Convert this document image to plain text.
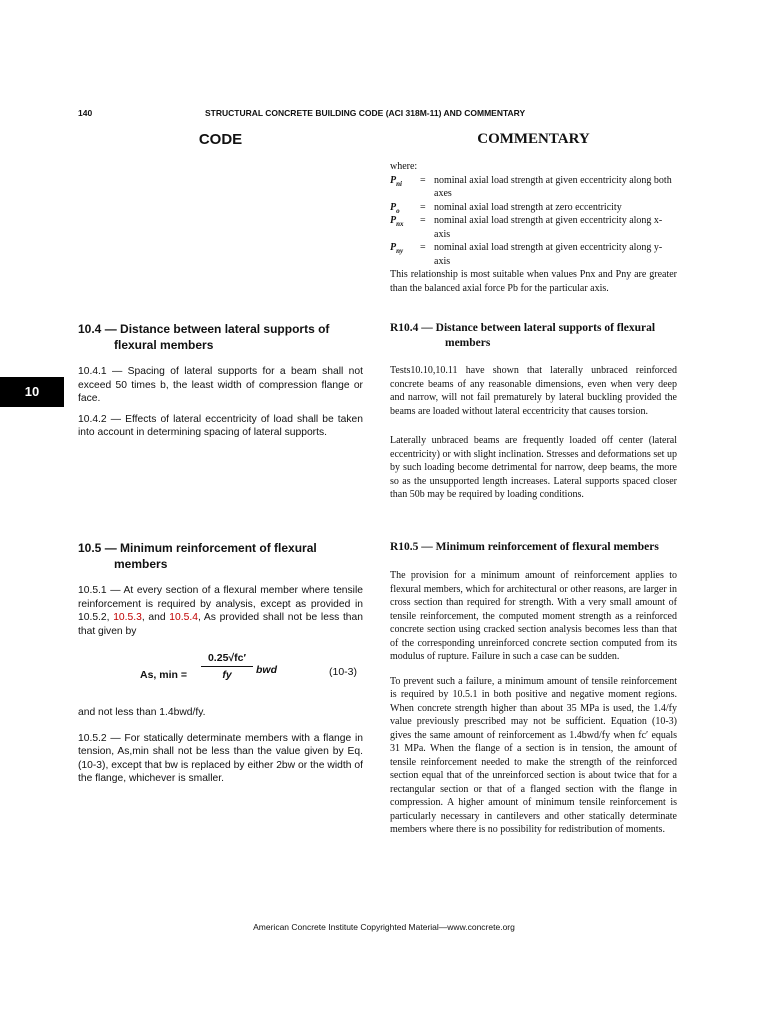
140	STRUCTURAL CONCRETE BUILDING CODE (ACI 318M-11) AND COMMENTARY
CODE	COMMENTARY
10

where:

$P_{ni}$ = nominal axial load strength at given eccentricity along both axes
$P_o$ = nominal axial load strength at zero eccentricity
$P_{nx}$ = nominal axial load strength at given eccentricity along x-axis
$P_{ny}$ = nominal axial load strength at given eccentricity along y-axis

This relationship is most suitable when values Pnx and Pny are greater than the balanced axial force Pb for the particular axis.

10.4 — Distance between lateral supports of flexural members

10.4.1 — Spacing of lateral supports for a beam shall not exceed 50 times b, the least width of compression flange or face.

10.4.2 — Effects of lateral eccentricity of load shall be taken into account in determining spacing of lateral supports.

R10.4 — Distance between lateral supports of flexural members

Tests10.10,10.11 have shown that laterally unbraced reinforced concrete beams of any reasonable dimensions, even when very deep and narrow, will not fail prematurely by lateral buckling provided the beams are loaded without lateral eccentricity that causes torsion.

Laterally unbraced beams are frequently loaded off center (lateral eccentricity) or with slight inclination. Stresses and deformations set up by such loading become detrimental for narrow, deep beams, the more so as the unsupported length increases. Lateral supports spaced closer than 50b may be required by loading conditions.

10.5 — Minimum reinforcement of flexural members

10.5.1 — At every section of a flexural member where tensile reinforcement is required by analysis, except as provided in 10.5.2, 10.5.3, and 10.5.4, As provided shall not be less than that given by

As, $\min = \frac{0.25√fc'}{fy}$ bwd	(10-3)

and not less than 1.4bwd/fy.

10.5.2 — For statically determinate members with a flange in tension, As,min shall not be less than the value given by Eq. (10-3), except that bw is replaced by either 2bw or the width of the flange, whichever is smaller.

R10.5 — Minimum reinforcement of flexural members

The provision for a minimum amount of reinforcement applies to flexural members, which for architectural or other reasons, are larger in cross section than required for strength. With a very small amount of tensile reinforcement, the computed moment strength as a reinforced concrete section using cracked section analysis becomes less than that of the corresponding unreinforced concrete section computed from its modulus of rupture. Failure in such a case can be sudden.

To prevent such a failure, a minimum amount of tensile reinforcement is required by 10.5.1 in both positive and negative moment regions. When concrete strength higher than about 35 MPa is used, the 1.4/fy value previously prescribed may not be sufficient. Equation (10-3) gives the same amount of reinforcement as 1.4bwd/fy when fc′ equals 31 MPa. When the flange of a section is in tension, the amount of tensile reinforcement needed to make the strength of the reinforced section equal that of the unreinforced section is about twice that for a rectangular section or that of a flanged section with the flange in compression. A higher amount of minimum tensile reinforcement is particularly necessary in cantilevers and other statically determinate members where there is no possibility for redistribution of moments.

American Concrete Institute Copyrighted Material—www.concrete.org
